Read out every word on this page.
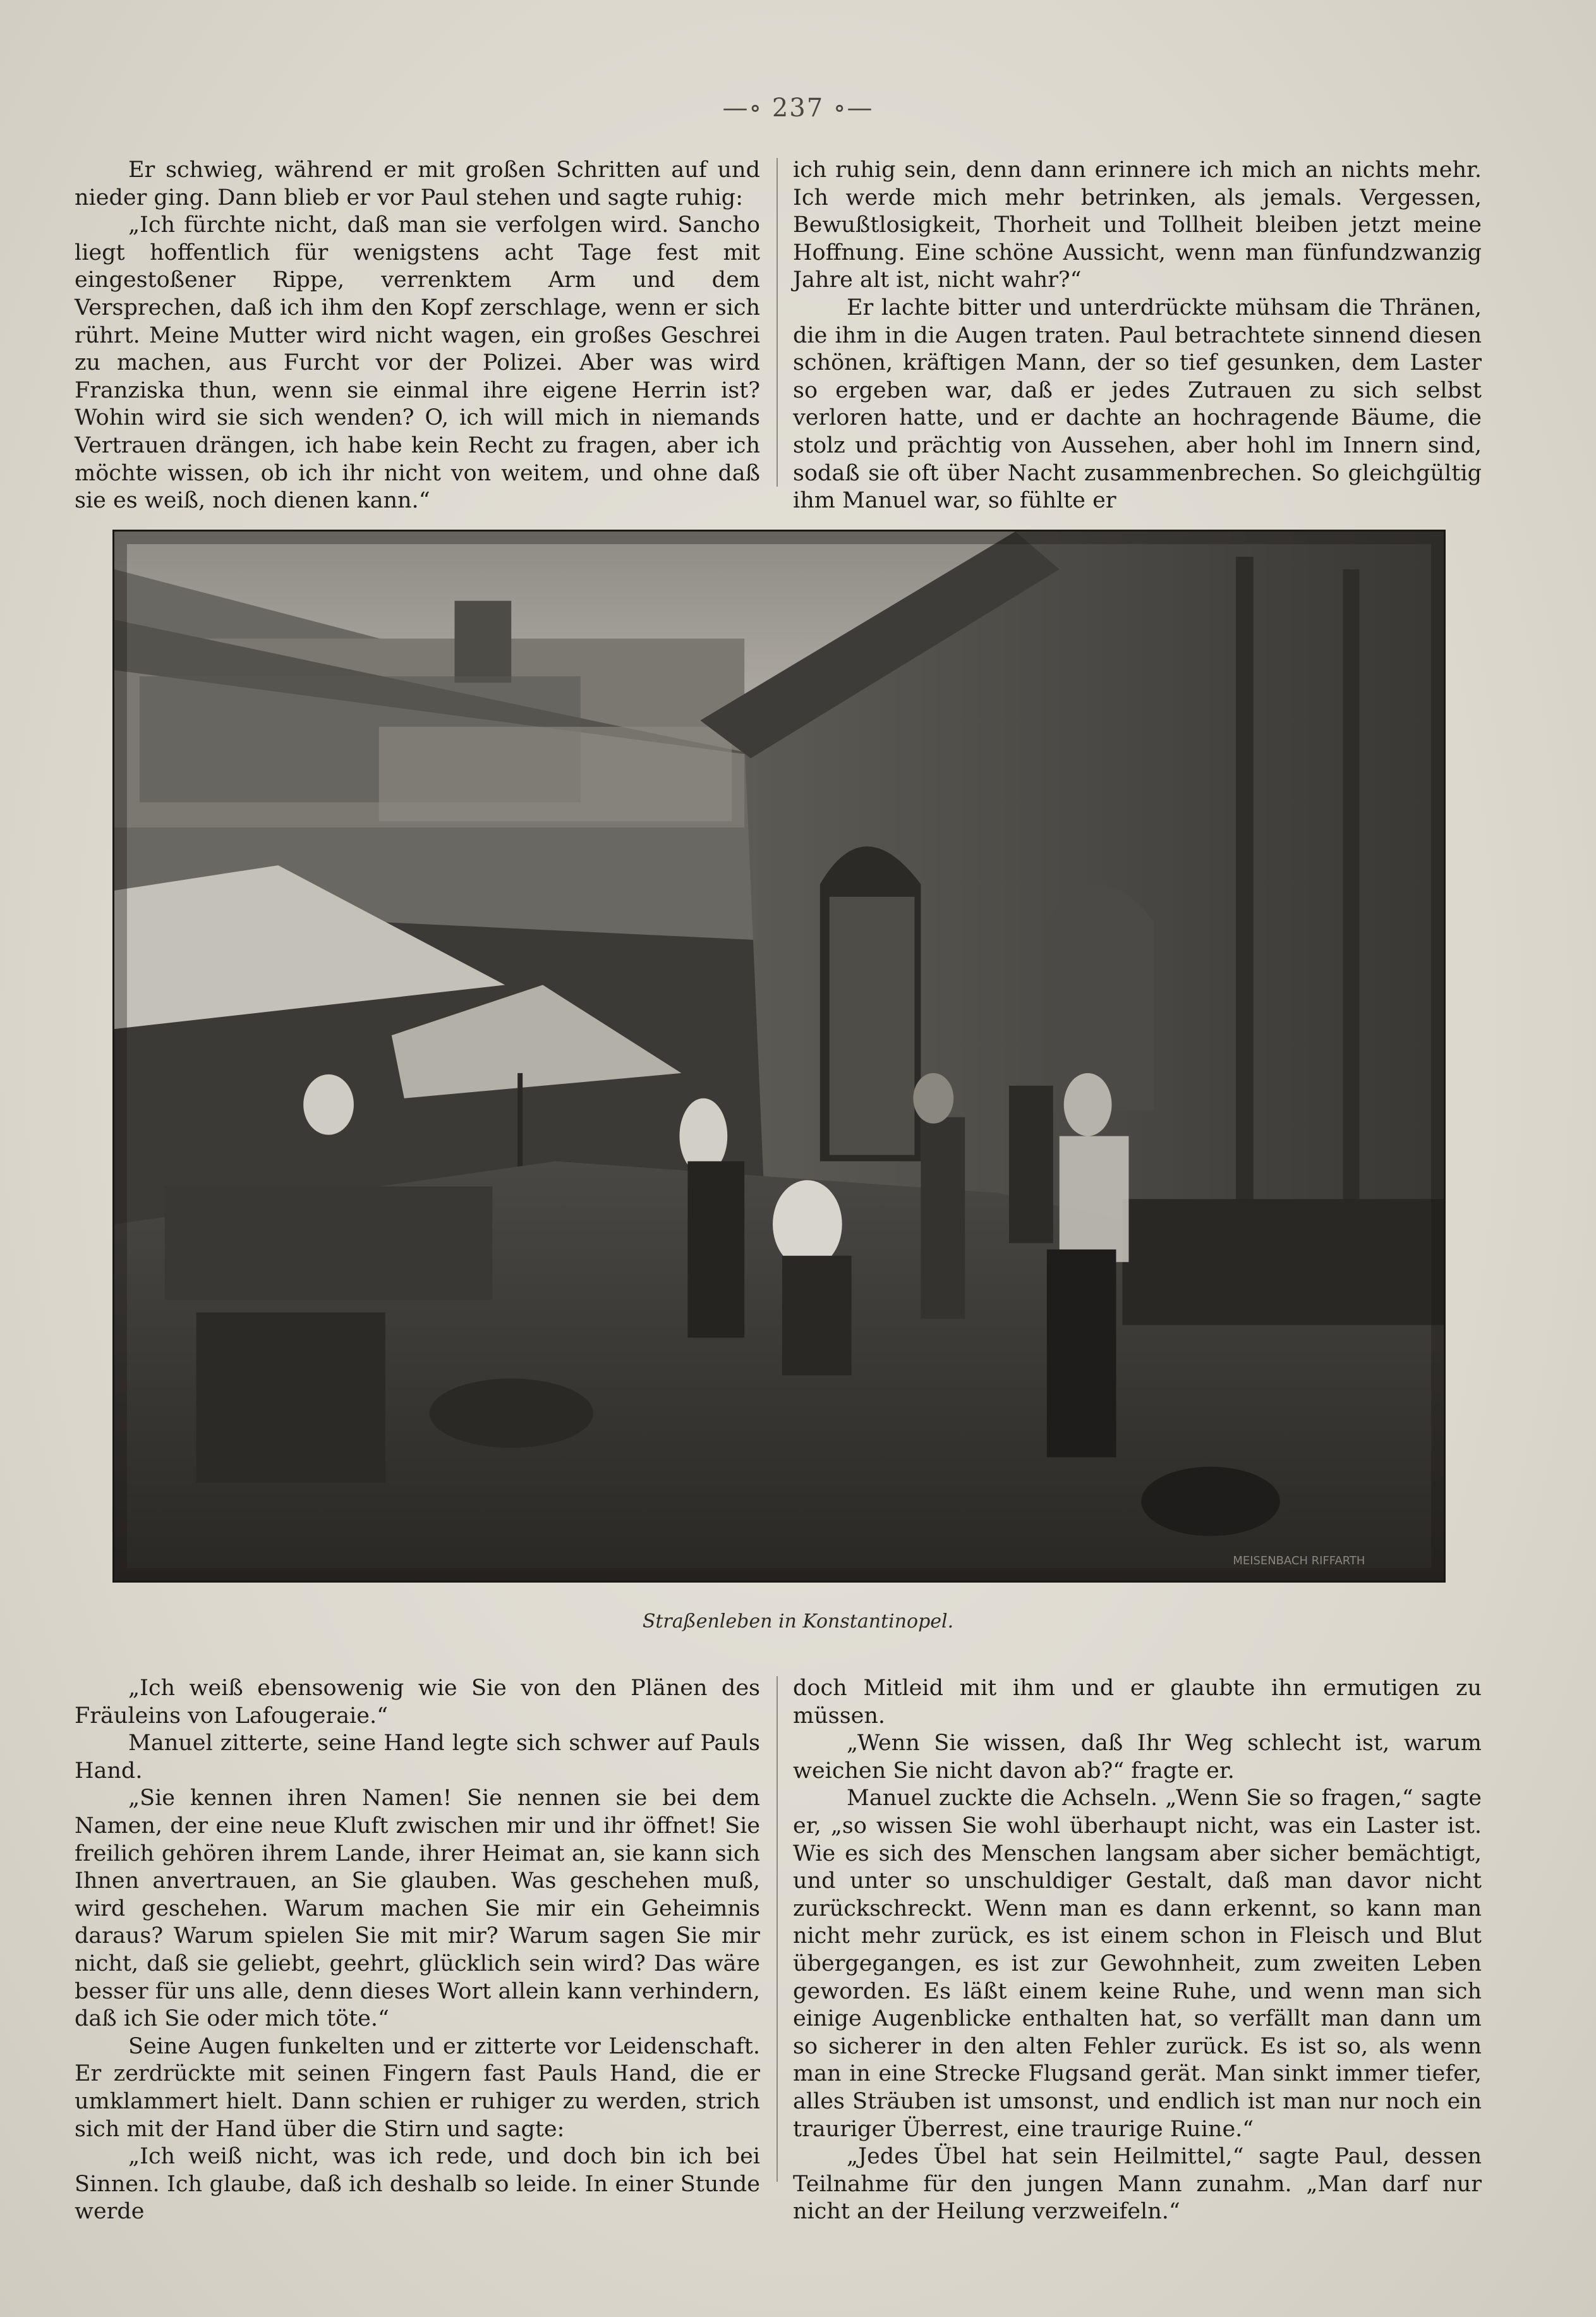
—∘ 237 ∘—

Er schwieg, während er mit großen Schritten auf und nieder ging. Dann blieb er vor Paul stehen und sagte ruhig:

„Ich fürchte nicht, daß man sie verfolgen wird. Sancho liegt hoffentlich für wenigstens acht Tage fest mit eingestoßener Rippe, verrenktem Arm und dem Versprechen, daß ich ihm den Kopf zerschlage, wenn er sich rührt. Meine Mutter wird nicht wagen, ein großes Geschrei zu machen, aus Furcht vor der Polizei. Aber was wird Franziska thun, wenn sie einmal ihre eigene Herrin ist? Wohin wird sie sich wenden? O, ich will mich in niemands Vertrauen drängen, ich habe kein Recht zu fragen, aber ich möchte wissen, ob ich ihr nicht von weitem, und ohne daß sie es weiß, noch dienen kann.“

ich ruhig sein, denn dann erinnere ich mich an nichts mehr. Ich werde mich mehr betrinken, als jemals. Vergessen, Bewußtlosigkeit, Thorheit und Tollheit bleiben jetzt meine Hoffnung. Eine schöne Aussicht, wenn man fünfundzwanzig Jahre alt ist, nicht wahr?“

Er lachte bitter und unterdrückte mühsam die Thränen, die ihm in die Augen traten. Paul betrachtete sinnend diesen schönen, kräftigen Mann, der so tief gesunken, dem Laster so ergeben war, daß er jedes Zutrauen zu sich selbst verloren hatte, und er dachte an hochragende Bäume, die stolz und prächtig von Aussehen, aber hohl im Innern sind, sodaß sie oft über Nacht zusammenbrechen. So gleichgültig ihm Manuel war, so fühlte er

MEISENBACH RIFFARTH
Straßenleben in Konstantinopel.

„Ich weiß ebensowenig wie Sie von den Plänen des Fräuleins von Lafougeraie.“

Manuel zitterte, seine Hand legte sich schwer auf Pauls Hand.

„Sie kennen ihren Namen! Sie nennen sie bei dem Namen, der eine neue Kluft zwischen mir und ihr öffnet! Sie freilich gehören ihrem Lande, ihrer Heimat an, sie kann sich Ihnen anvertrauen, an Sie glauben. Was geschehen muß, wird geschehen. Warum machen Sie mir ein Geheimnis daraus? Warum spielen Sie mit mir? Warum sagen Sie mir nicht, daß sie geliebt, geehrt, glücklich sein wird? Das wäre besser für uns alle, denn dieses Wort allein kann verhindern, daß ich Sie oder mich töte.“

Seine Augen funkelten und er zitterte vor Leidenschaft. Er zerdrückte mit seinen Fingern fast Pauls Hand, die er umklammert hielt. Dann schien er ruhiger zu werden, strich sich mit der Hand über die Stirn und sagte:

„Ich weiß nicht, was ich rede, und doch bin ich bei Sinnen. Ich glaube, daß ich deshalb so leide. In einer Stunde werde

doch Mitleid mit ihm und er glaubte ihn ermutigen zu müssen.

„Wenn Sie wissen, daß Ihr Weg schlecht ist, warum weichen Sie nicht davon ab?“ fragte er.

Manuel zuckte die Achseln. „Wenn Sie so fragen,“ sagte er, „so wissen Sie wohl überhaupt nicht, was ein Laster ist. Wie es sich des Menschen langsam aber sicher bemächtigt, und unter so unschuldiger Gestalt, daß man davor nicht zurückschreckt. Wenn man es dann erkennt, so kann man nicht mehr zurück, es ist einem schon in Fleisch und Blut übergegangen, es ist zur Gewohnheit, zum zweiten Leben geworden. Es läßt einem keine Ruhe, und wenn man sich einige Augenblicke enthalten hat, so verfällt man dann um so sicherer in den alten Fehler zurück. Es ist so, als wenn man in eine Strecke Flugsand gerät. Man sinkt immer tiefer, alles Sträuben ist umsonst, und endlich ist man nur noch ein trauriger Überrest, eine traurige Ruine.“

„Jedes Übel hat sein Heilmittel,“ sagte Paul, dessen Teilnahme für den jungen Mann zunahm. „Man darf nur nicht an der Heilung verzweifeln.“
